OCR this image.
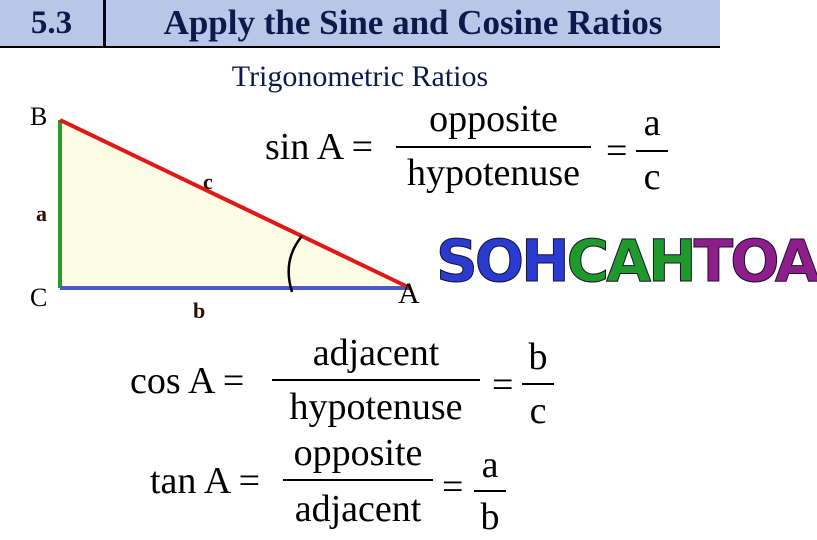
5.3	Apply the Sine and Cosine Ratios
Trigonometric Ratios
B
a
C
c
b
A
sin A =
opposite
hypotenuse
=
a
c
SOHCAHTOA
cos A =
adjacent
hypotenuse
=
b
c
tan A =
opposite
adjacent
=
a
b
